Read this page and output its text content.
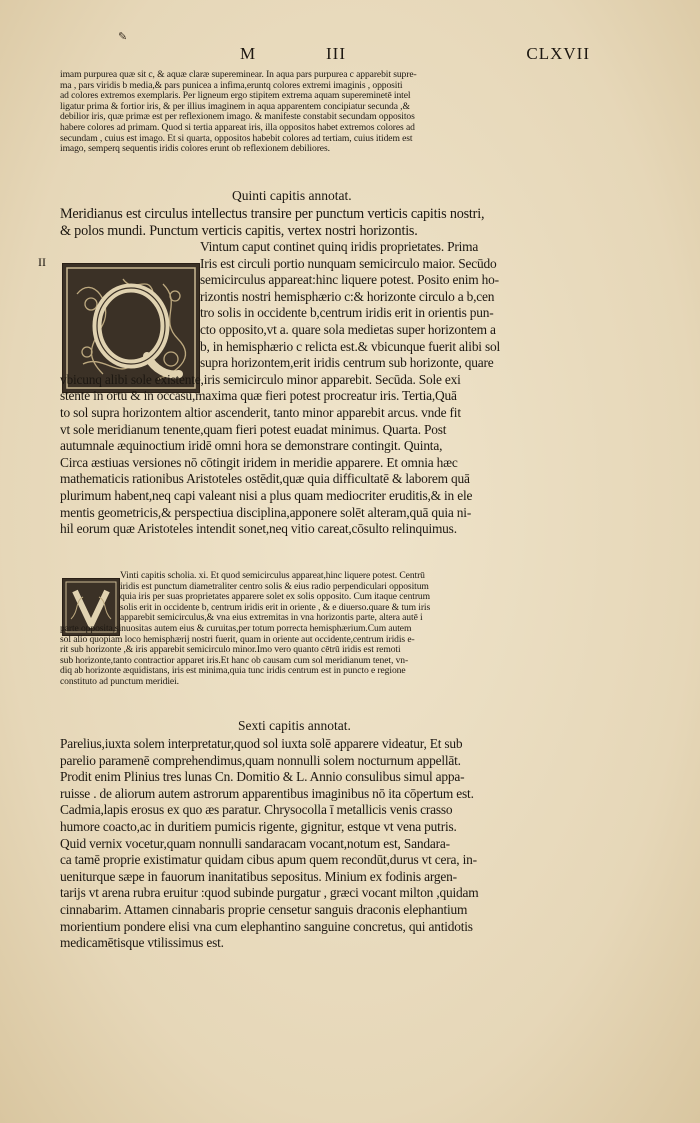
✎
M	III	CLXVII
imam purpurea quæ sit c, & aquæ claræ supereminear. In aqua pars purpurea c apparebit supre-
ma , pars viridis b media,& pars punicea a infima,eruntq colores extremi imaginis , oppositi
ad colores extremos exemplaris. Per ligneum ergo stipitem extrema aquam supereminetē intel
ligatur prima & fortior iris, & per illius imaginem in aqua apparentem concipiatur secunda ,&
debilior iris, quæ primæ est per reflexionem imago. & manifeste constabit secundam oppositos
habere colores ad primam. Quod si tertia appareat iris, illa oppositos habet extremos colores ad
secundam , cuius est imago. Et si quarta, oppositos habebit colores ad tertiam, cuius itidem est
imago, semperq sequentis iridis colores erunt ob reflexionem debiliores.
Quinti capitis annotat.
Meridianus est circulus intellectus transire per punctum verticis capitis nostri,
& polos mundi. Punctum verticis capitis, vertex nostri horizontis.
II
Vintum caput continet quinq iridis proprietates. Prima
Iris est circuli portio nunquam semicirculo maior. Secūdo
semicirculus appareat:hinc liquere potest. Posito enim ho-
rizontis nostri hemisphærio c:& horizonte circulo a b,cen
tro solis in occidente b,centrum iridis erit in orientis pun-
cto opposito,vt a. quare sola medietas super horizontem a
b, in hemisphærio c relicta est.& vbicunque fuerit alibi sol
supra horizontem,erit iridis centrum sub horizonte, quare
vbicunq alibi sole existente,iris semicirculo minor apparebit. Secūda. Sole exi
stente in ortu & in occasu,maxima quæ fieri potest procreatur iris. Tertia,Quā
to sol supra horizontem altior ascenderit, tanto minor apparebit arcus. vnde fit
vt sole meridianum tenente,quam fieri potest euadat minimus. Quarta. Post
autumnale æquinoctium iridē omni hora se demonstrare contingit. Quinta,
Circa æstiuas versiones nō cōtingit iridem in meridie apparere. Et omnia hæc
mathematicis rationibus Aristoteles ostēdit,quæ quia difficultatē & laborem quā
plurimum habent,neq capi valeant nisi a plus quam mediocriter eruditis,& in ele
mentis geometricis,& perspectiua disciplina,apponere solēt alteram,quā quia ni-
hil eorum quæ Aristoteles intendit sonet,neq vitio careat,cōsulto relinquimus.
Vinti capitis scholia. xi. Et quod semicirculus appareat,hinc liquere potest. Centrū
iridis est punctum diametraliter centro solis & eius radio perpendiculari oppositum
quia iris per suas proprietates apparere solet ex solis opposito. Cum itaque centrum
solis erit in occidente b, centrum iridis erit in oriente , & e diuerso.quare & tum iris
apparebit semicirculus,& vna eius extremitas in vna horizontis parte, altera autē i
parte opposita,sinuositas autem eius & curuitas,per totum porrecta hemisphærium.Cum autem
sol alio quopiam loco hemisphærij nostri fuerit, quam in oriente aut occidente,centrum iridis e-
rit sub horizonte ,& iris apparebit semicirculo minor.Imo vero quanto cētrū iridis est remoti
sub horizonte,tanto contractior apparet iris.Et hanc ob causam cum sol meridianum tenet, vn-
diq ab horizonte æquidistans, iris est minima,quia tunc iridis centrum est in puncto e regione
constituto ad punctum meridiei.
Sexti capitis annotat.
Parelius,iuxta solem interpretatur,quod sol iuxta solē apparere videatur, Et sub
parelio paramenē comprehendimus,quam nonnulli solem nocturnum appellāt.
Prodit enim Plinius tres lunas Cn. Domitio & L. Annio consulibus simul appa-
ruisse . de aliorum autem astrorum apparentibus imaginibus nō ita cōpertum est.
Cadmia,lapis erosus ex quo æs paratur. Chrysocolla ī metallicis venis crasso
humore coacto,ac in duritiem pumicis rigente, gignitur, estque vt vena putris.
Quid vernix vocetur,quam nonnulli sandaracam vocant,notum est, Sandara-
ca tamē proprie existimatur quidam cibus apum quem recondūt,durus vt cera, in-
ueniturque sæpe in fauorum inanitatibus sepositus. Minium ex fodinis argen-
tarijs vt arena rubra eruitur :quod subinde purgatur , græci vocant milton ,quidam
cinnabarim. Attamen cinnabaris proprie censetur sanguis draconis elephantium
morientium pondere elisi vna cum elephantino sanguine concretus, qui antidotis
medicamētisque vtilissimus est.
